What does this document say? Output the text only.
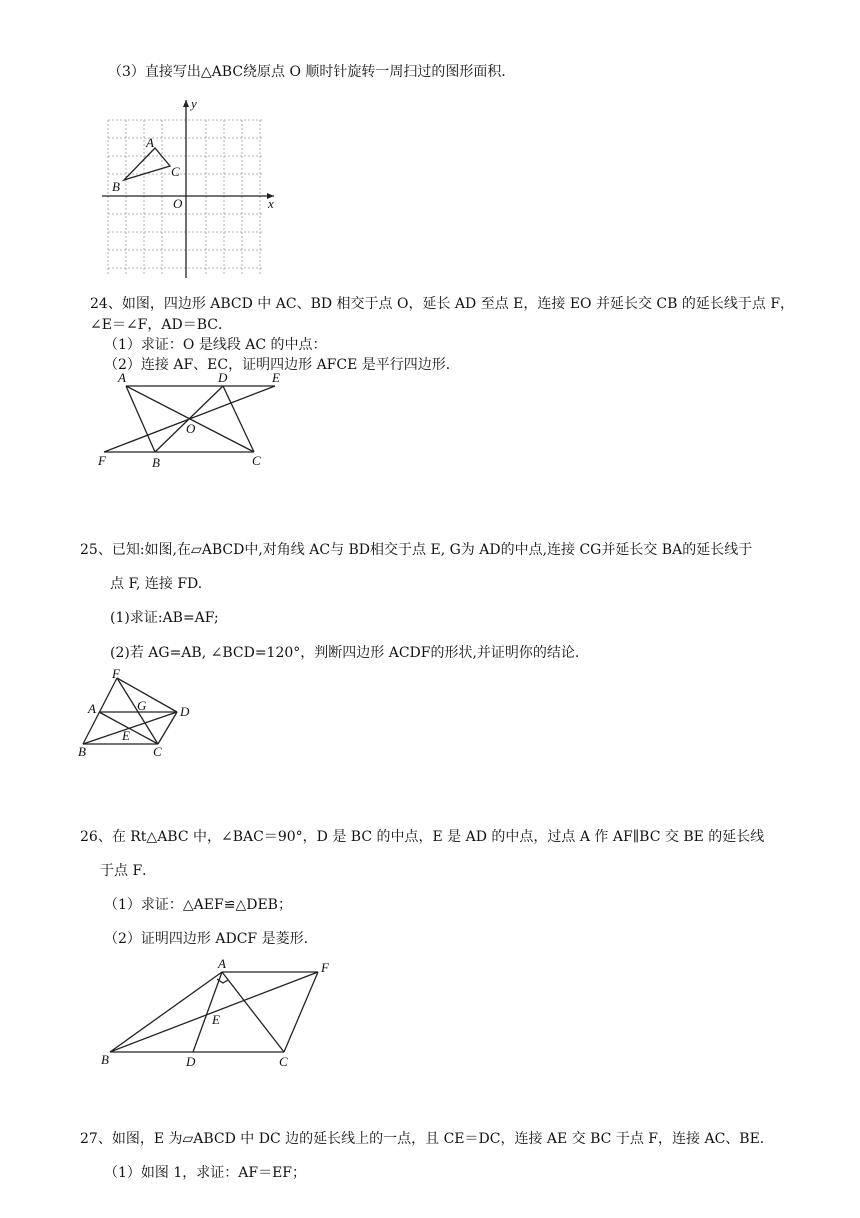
（3）直接写出△ABC绕原点 O 顺时针旋转一周扫过的图形面积．
y
x
O
A
B
C
24、如图，四边形 ABCD 中 AC、BD 相交于点 O，延长 AD 至点 E，连接 EO 并延长交 CB 的延长线于点 F，
∠E＝∠F，AD＝BC．
（1）求证：O 是线段 AC 的中点：
（2）连接 AF、EC，证明四边形 AFCE 是平行四边形．
A	D	E
O
F	B	C
25、已知:如图,在▱ABCD中,对角线 AC与 BD相交于点 E, G为 AD的中点,连接 CG并延长交 BA的延长线于
点 F, 连接 FD.
(1)求证:AB=AF;
(2)若 AG=AB, ∠BCD=120°，判断四边形 ACDF的形状,并证明你的结论.
F
A	G	D
E
B	C
26、在 Rt△ABC 中，∠BAC＝90°，D 是 BC 的中点，E 是 AD 的中点，过点 A 作 AF∥BC 交 BE 的延长线
于点 F．
（1）求证：△AEF≌△DEB；
（2）证明四边形 ADCF 是菱形．
A	F
E
B	D	C
27、如图，E 为▱ABCD 中 DC 边的延长线上的一点，且 CE＝DC，连接 AE 交 BC 于点 F，连接 AC、BE．
（1）如图 1，求证：AF＝EF；
